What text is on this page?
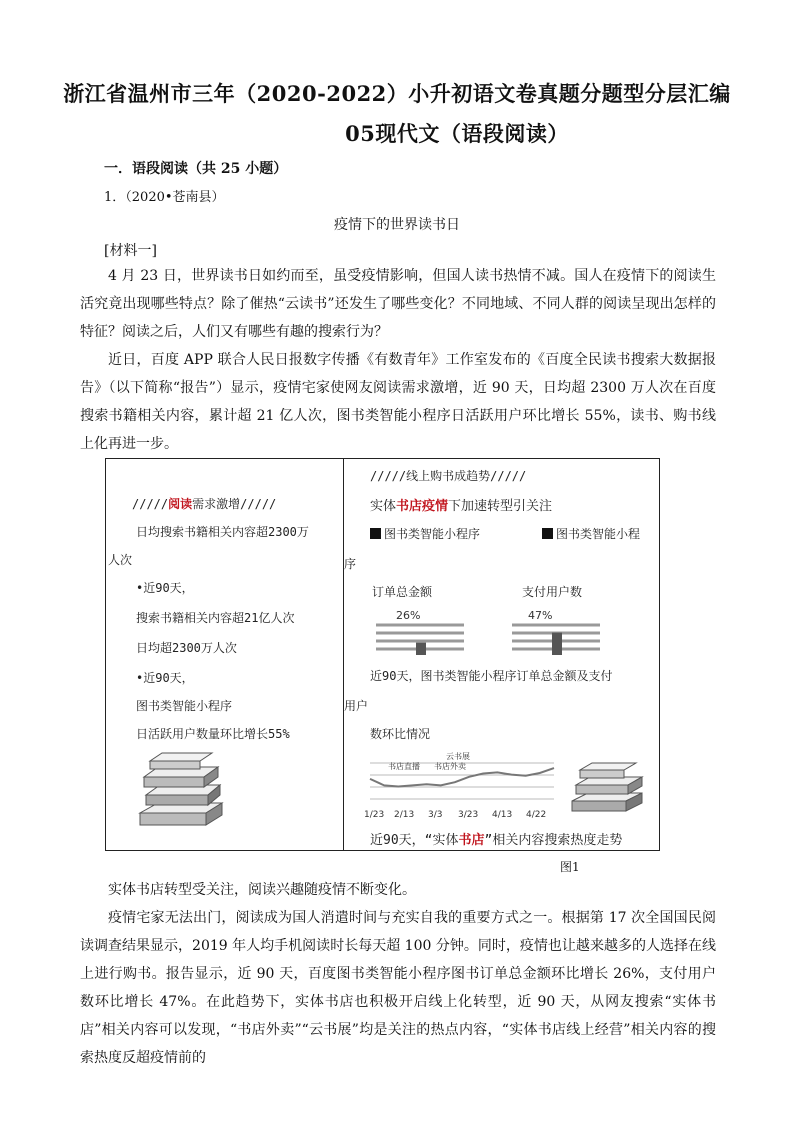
浙江省温州市三年（2020-2022）小升初语文卷真题分题型分层汇编
05现代文（语段阅读）
一．语段阅读（共 25 小题）
1．（2020•苍南县）
疫情下的世界读书日
[材料一]
4 月 23 日，世界读书日如约而至，虽受疫情影响，但国人读书热情不减。国人在疫情下的阅读生活究竟出现哪些特点？除了催热“云读书”还发生了哪些变化？不同地域、不同人群的阅读呈现出怎样的特征？阅读之后，人们又有哪些有趣的搜索行为？
近日，百度 APP 联合人民日报数字传播《有数青年》工作室发布的《百度全民读书搜索大数据报告》（以下简称“报告”）显示，疫情宅家使网友阅读需求激增，近 90 天，日均超 2300 万人次在百度搜索书籍相关内容，累计超 21 亿人次，图书类智能小程序日活跃用户环比增长 55%，读书、购书线上化再进一步。
/////阅读需求激增/////
日均搜索书籍相关内容超2300万
人次
•近90天，
搜索书籍相关内容超21亿人次
日均超2300万人次
•近90天，
图书类智能小程序
日活跃用户数量环比增长55%
/////线上购书成趋势/////
实体书店疫情下加速转型引关注
图书类智能小程序	图书类智能小程
序
订单总金额	支付用户数
26%	47%
近90天，图书类智能小程序订单总金额及支付
用户
数环比情况
云书展
书店直播 书店外卖
1/23 2/13 3/3 3/23 4/13 4/22
近90天，“实体书店”相关内容搜索热度走势
图1
实体书店转型受关注，阅读兴趣随疫情不断变化。
疫情宅家无法出门，阅读成为国人消遣时间与充实自我的重要方式之一。根据第 17 次全国国民阅读调查结果显示，2019 年人均手机阅读时长每天超 100 分钟。同时，疫情也让越来越多的人选择在线上进行购书。报告显示，近 90 天，百度图书类智能小程序图书订单总金额环比增长 26%，支付用户数环比增长 47%。在此趋势下，实体书店也积极开启线上化转型，近 90 天，从网友搜索“实体书店”相关内容可以发现，“书店外卖”“云书展”均是关注的热点内容，“实体书店线上经营”相关内容的搜索热度反超疫情前的
